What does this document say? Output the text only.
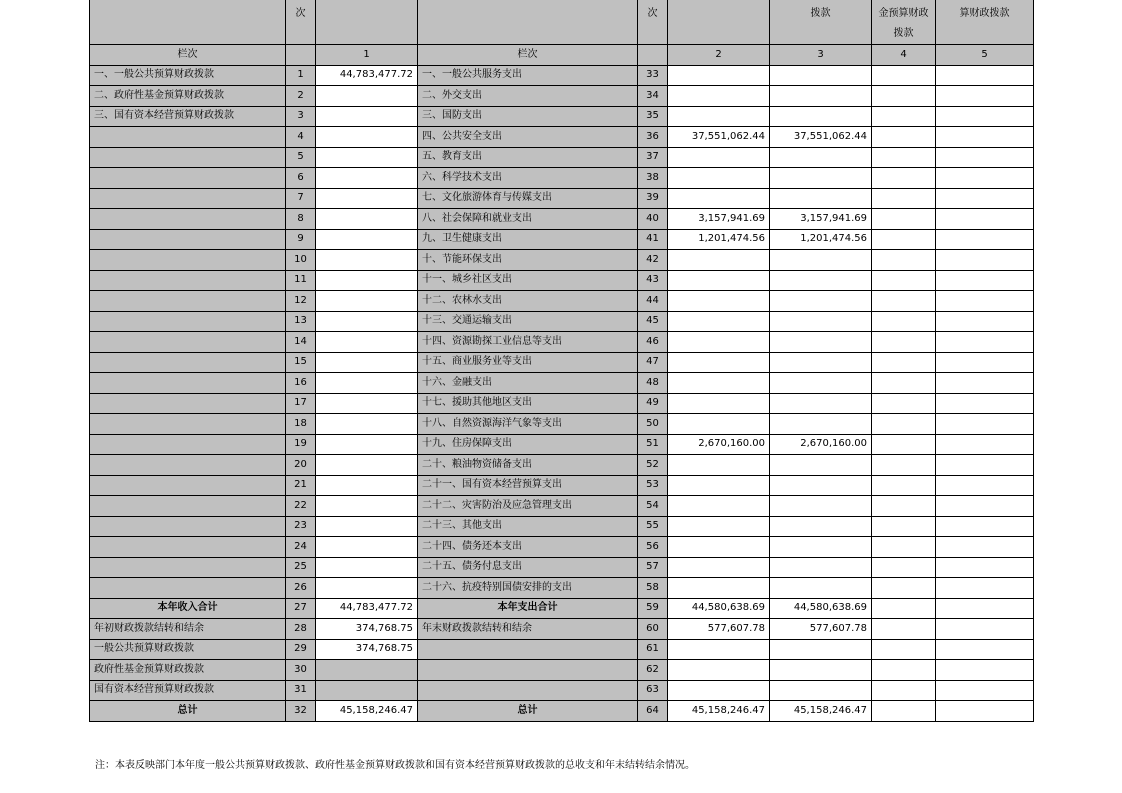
	次			次		拨款	金预算财政拨款	算财政拨款
栏次		1	栏次		2	3	4	5
一、一般公共预算财政拨款	1	44,783,477.72	一、一般公共服务支出	33				
二、政府性基金预算财政拨款	2		二、外交支出	34				
三、国有资本经营预算财政拨款	3		三、国防支出	35				
	4		四、公共安全支出	36	37,551,062.44	37,551,062.44		
	5		五、教育支出	37				
	6		六、科学技术支出	38				
	7		七、文化旅游体育与传媒支出	39				
	8		八、社会保障和就业支出	40	3,157,941.69	3,157,941.69		
	9		九、卫生健康支出	41	1,201,474.56	1,201,474.56		
	10		十、节能环保支出	42				
	11		十一、城乡社区支出	43				
	12		十二、农林水支出	44				
	13		十三、交通运输支出	45				
	14		十四、资源勘探工业信息等支出	46				
	15		十五、商业服务业等支出	47				
	16		十六、金融支出	48				
	17		十七、援助其他地区支出	49				
	18		十八、自然资源海洋气象等支出	50				
	19		十九、住房保障支出	51	2,670,160.00	2,670,160.00		
	20		二十、粮油物资储备支出	52				
	21		二十一、国有资本经营预算支出	53				
	22		二十二、灾害防治及应急管理支出	54				
	23		二十三、其他支出	55				
	24		二十四、债务还本支出	56				
	25		二十五、债务付息支出	57				
	26		二十六、抗疫特别国债安排的支出	58				
本年收入合计	27	44,783,477.72	本年支出合计	59	44,580,638.69	44,580,638.69		
年初财政拨款结转和结余	28	374,768.75	年末财政拨款结转和结余	60	577,607.78	577,607.78		
一般公共预算财政拨款	29	374,768.75		61				
政府性基金预算财政拨款	30			62				
国有资本经营预算财政拨款	31			63				
总计	32	45,158,246.47	总计	64	45,158,246.47	45,158,246.47		
注：本表反映部门本年度一般公共预算财政拨款、政府性基金预算财政拨款和国有资本经营预算财政拨款的总收支和年末结转结余情况。
